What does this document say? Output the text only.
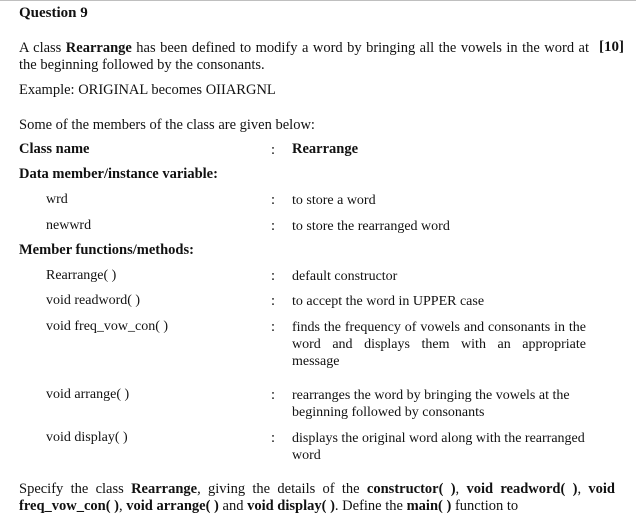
Question 9
[10]
A class Rearrange has been defined to modify a word by bringing all the vowels in the word at the beginning followed by the consonants.
Example: ORIGINAL becomes OIIARGNL
Some of the members of the class are given below:
Class name	: Rearrange
Data member/instance variable:
wrd	: to store a word
newwrd	: to store the rearranged word
Member functions/methods:
Rearrange( )	: default constructor
void readword( )	: to accept the word in UPPER case
void freq_vow_con( )	: finds the frequency of vowels and consonants in the word and displays them with an appropriate message
void arrange( )	: rearranges the word by bringing the vowels at the beginning followed by consonants
void display( )	: displays the original word along with the rearranged word
Specify the class Rearrange, giving the details of the constructor( ), void readword( ), void freq_vow_con( ), void arrange( ) and void display( ). Define the main( ) function to
